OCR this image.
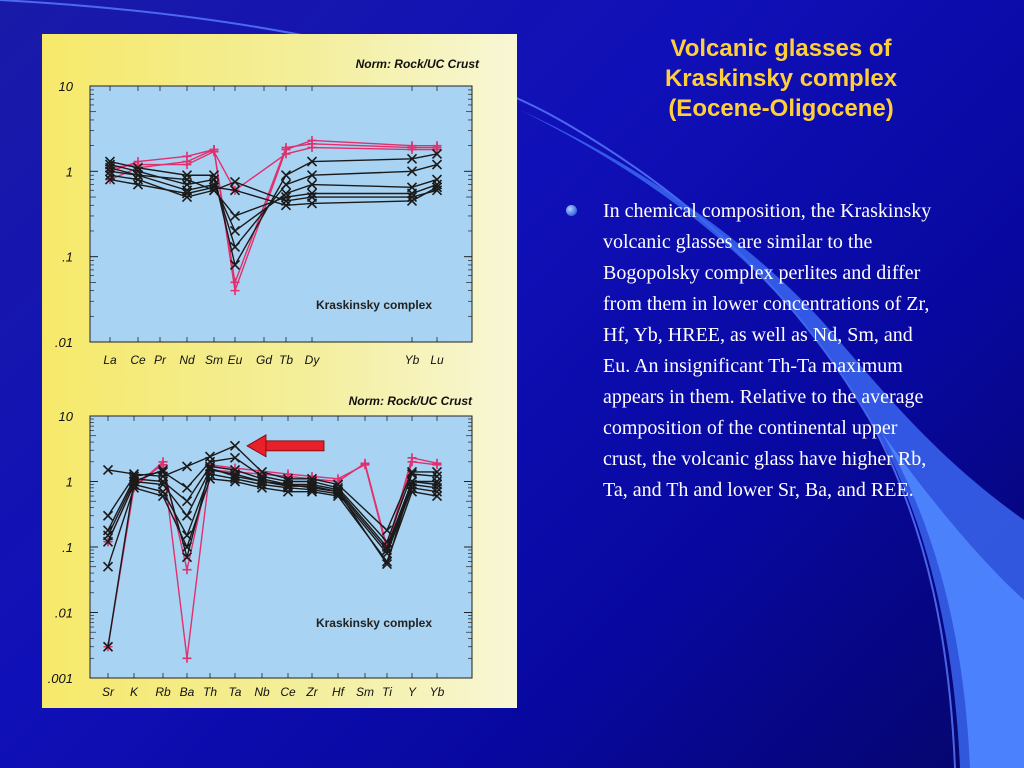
Norm: Rock/UC Crust
Kraskinsky complex
10
1
.1
.01
La Ce Pr Nd Sm Eu Gd Tb Dy	Yb Lu
Norm: Rock/UC Crust
Kraskinsky complex
10
1
.1
.01
.001
Sr K Rb Ba Th Ta Nb Ce Zr Hf Sm Ti Y Yb
Volcanic glasses of
Kraskinsky complex
(Eocene-Oligocene)
In chemical composition, the Kraskinsky volcanic glasses are similar to the Bogopolsky complex perlites and differ from them in lower concentrations of Zr, Hf, Yb, HREE, as well as Nd, Sm, and Eu. An insignificant Th-Ta maximum appears in them. Relative to the average composition of the continental upper crust, the volcanic glass have higher Rb, Ta, and Th and lower Sr, Ba, and REE.
